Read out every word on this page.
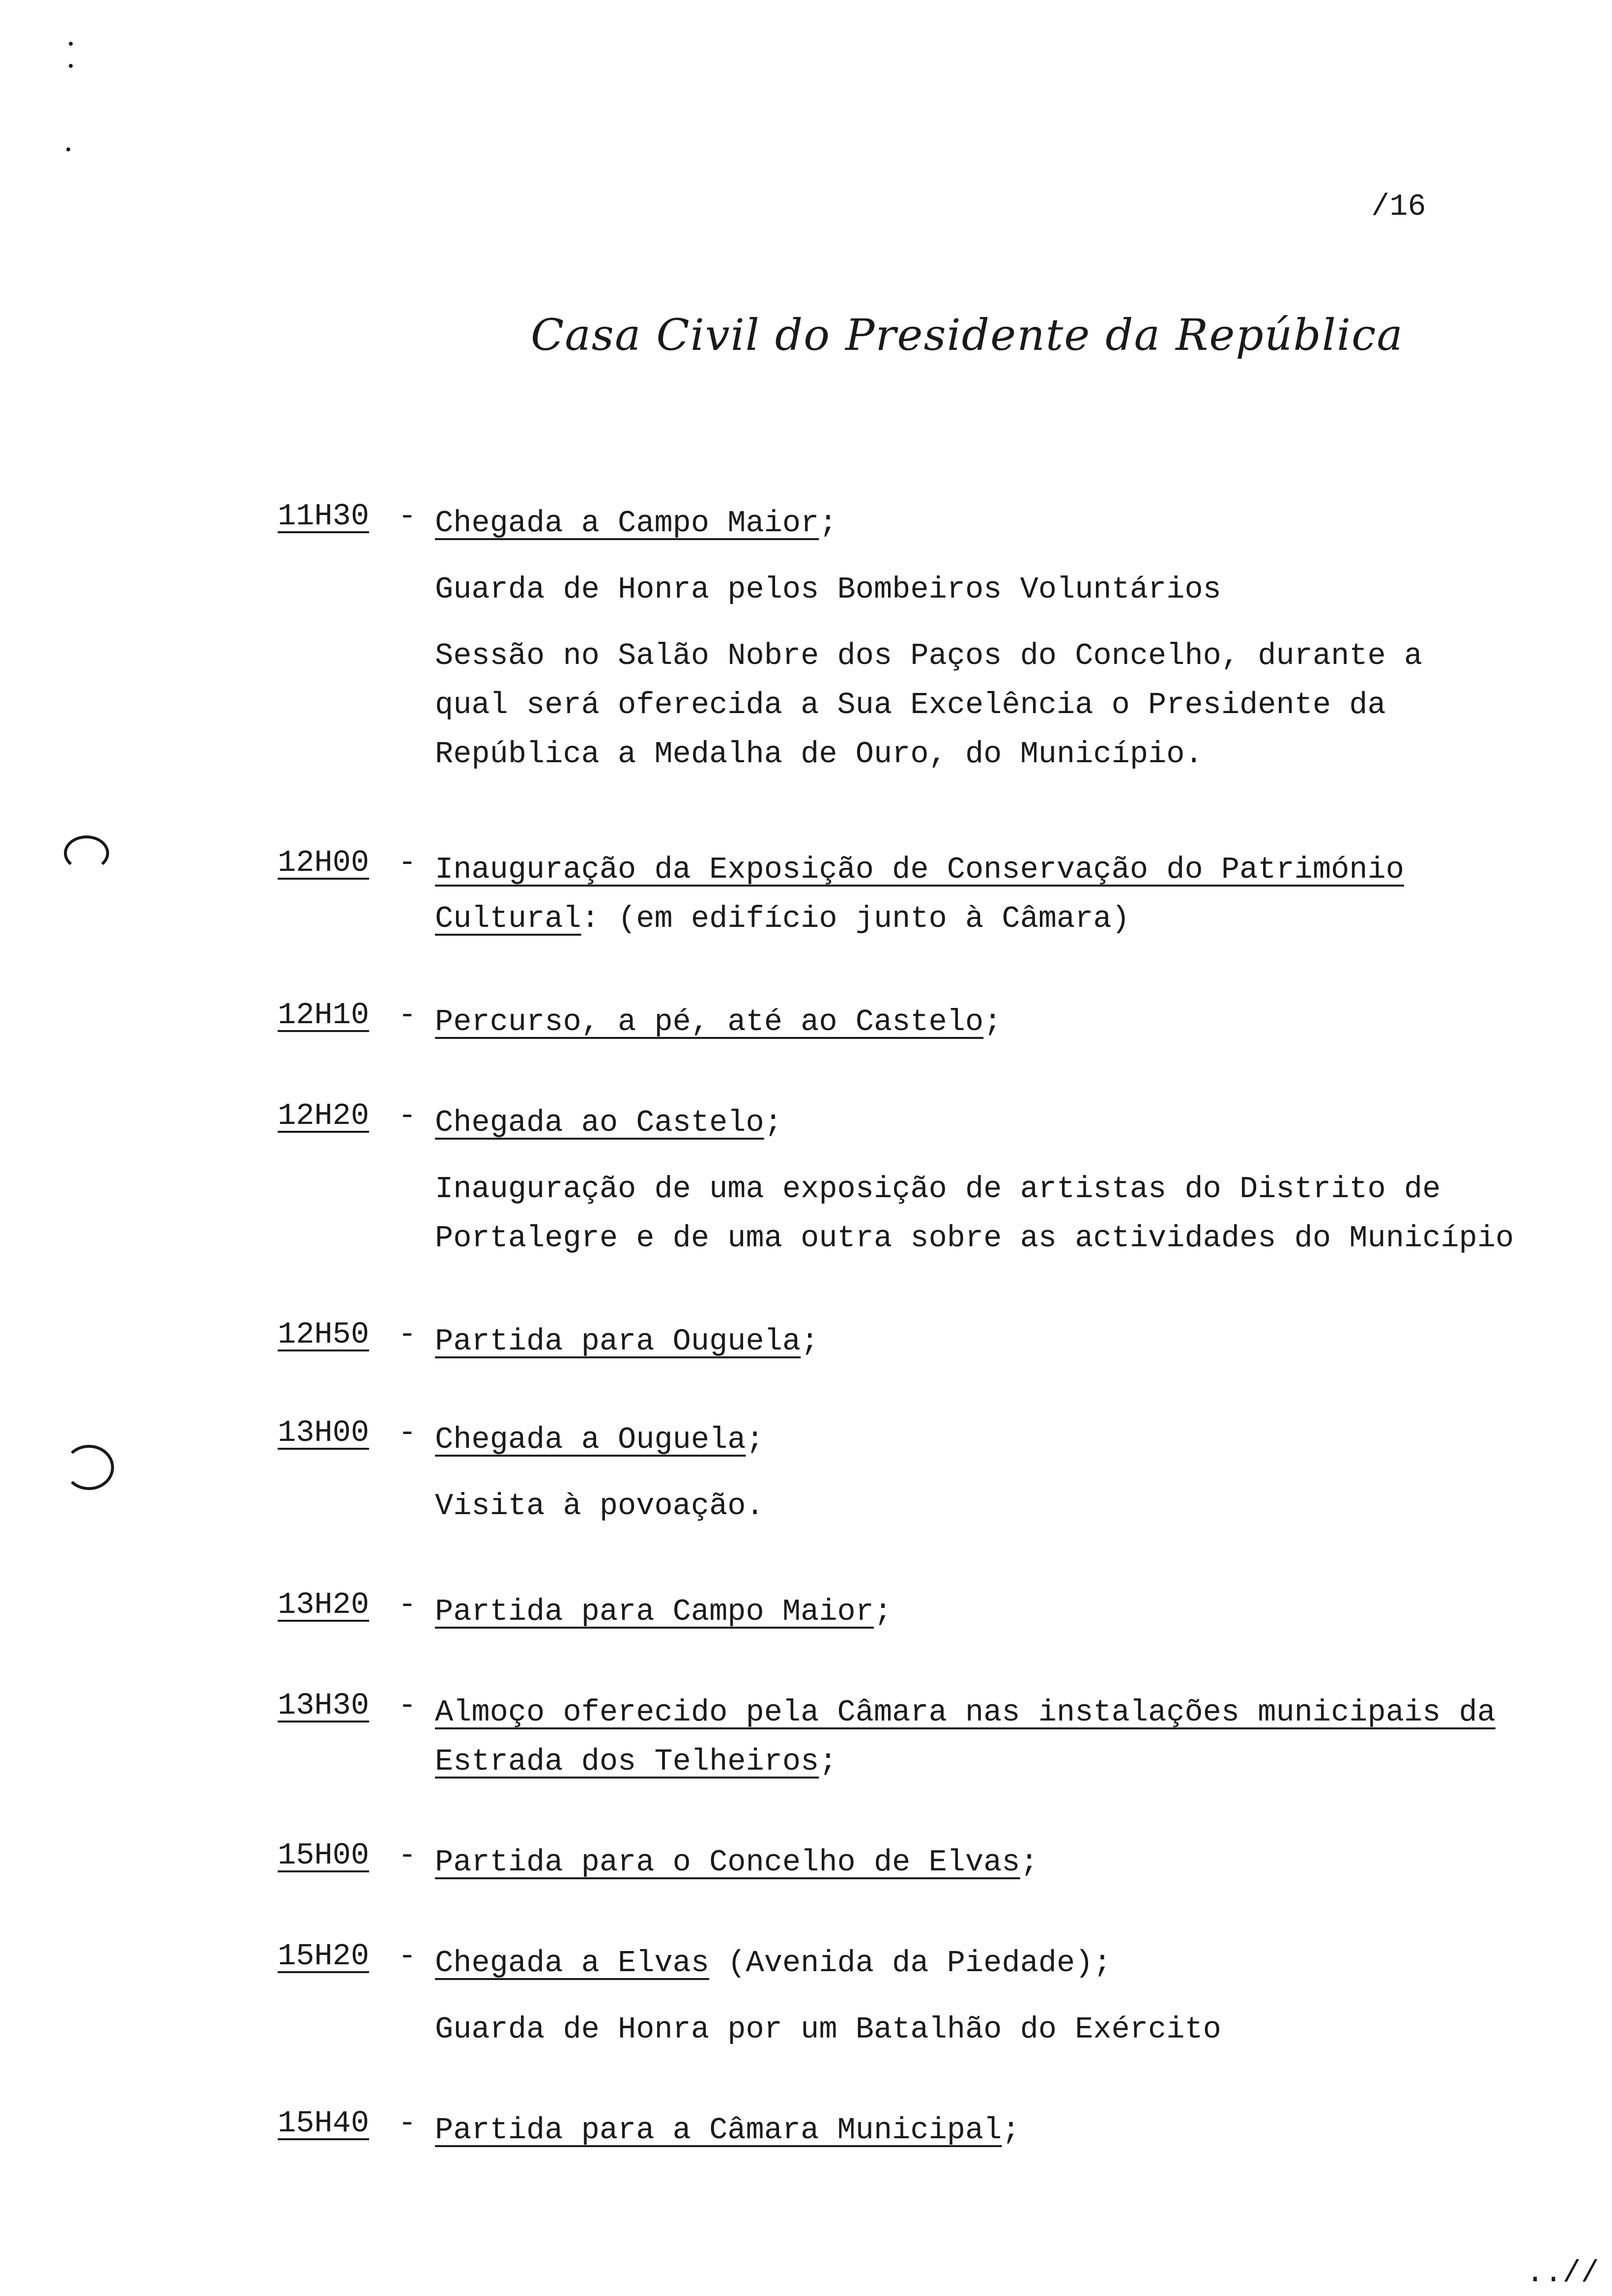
/16
Casa Civil do Presidente da República
11H30 - Chegada a Campo Maior;
Guarda de Honra pelos Bombeiros Voluntários
Sessão no Salão Nobre dos Paços do Concelho, durante a
qual será oferecida a Sua Excelência o Presidente da
República a Medalha de Ouro, do Município.
12H00 - Inauguração da Exposição de Conservação do Património
Cultural: (em edifício junto à Câmara)
12H10 - Percurso, a pé, até ao Castelo;
12H20 - Chegada ao Castelo;
Inauguração de uma exposição de artistas do Distrito de
Portalegre e de uma outra sobre as actividades do Município
12H50 - Partida para Ouguela;
13H00 - Chegada a Ouguela;
Visita à povoação.
13H20 - Partida para Campo Maior;
13H30 - Almoço oferecido pela Câmara nas instalações municipais da
Estrada dos Telheiros;
15H00 - Partida para o Concelho de Elvas;
15H20 - Chegada a Elvas (Avenida da Piedade);
Guarda de Honra por um Batalhão do Exército
15H40 - Partida para a Câmara Municipal;
..//
